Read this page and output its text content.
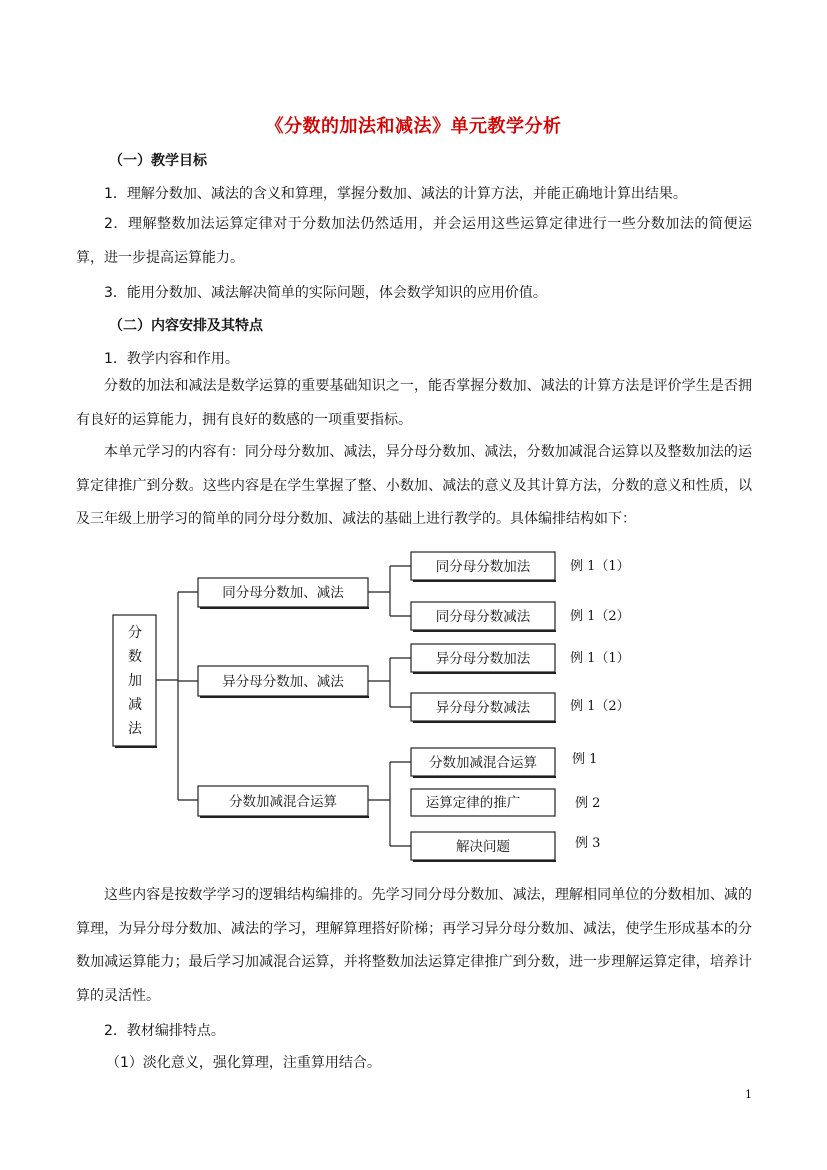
《分数的加法和减法》单元教学分析
（一）教学目标
1．理解分数加、减法的含义和算理，掌握分数加、减法的计算方法，并能正确地计算出结果。
2．理解整数加法运算定律对于分数加法仍然适用，并会运用这些运算定律进行一些分数加法的简便运算，进一步提高运算能力。
3．能用分数加、减法解决简单的实际问题，体会数学知识的应用价值。
（二）内容安排及其特点
1．教学内容和作用。
分数的加法和减法是数学运算的重要基础知识之一，能否掌握分数加、减法的计算方法是评价学生是否拥有良好的运算能力，拥有良好的数感的一项重要指标。
本单元学习的内容有：同分母分数加、减法，异分母分数加、减法，分数加减混合运算以及整数加法的运算定律推广到分数。这些内容是在学生掌握了整、小数加、减法的意义及其计算方法，分数的意义和性质，以及三年级上册学习的简单的同分母分数加、减法的基础上进行教学的。具体编排结构如下：
分
数
加
减
法
同分母分数加、减法
异分母分数加、减法
分数加减混合运算
同分母分数加法
同分母分数减法
异分母分数加法
异分母分数减法
分数加减混合运算
运算定律的推广
解决问题
例 1（1）
例 1（2）
例 1（1）
例 1（2）
例 1
例 2
例 3
这些内容是按数学学习的逻辑结构编排的。先学习同分母分数加、减法，理解相同单位的分数相加、减的算理，为异分母分数加、减法的学习，理解算理搭好阶梯；再学习异分母分数加、减法，使学生形成基本的分数加减运算能力；最后学习加减混合运算，并将整数加法运算定律推广到分数，进一步理解运算定律，培养计算的灵活性。
2．教材编排特点。
（1）淡化意义，强化算理，注重算用结合。
1
